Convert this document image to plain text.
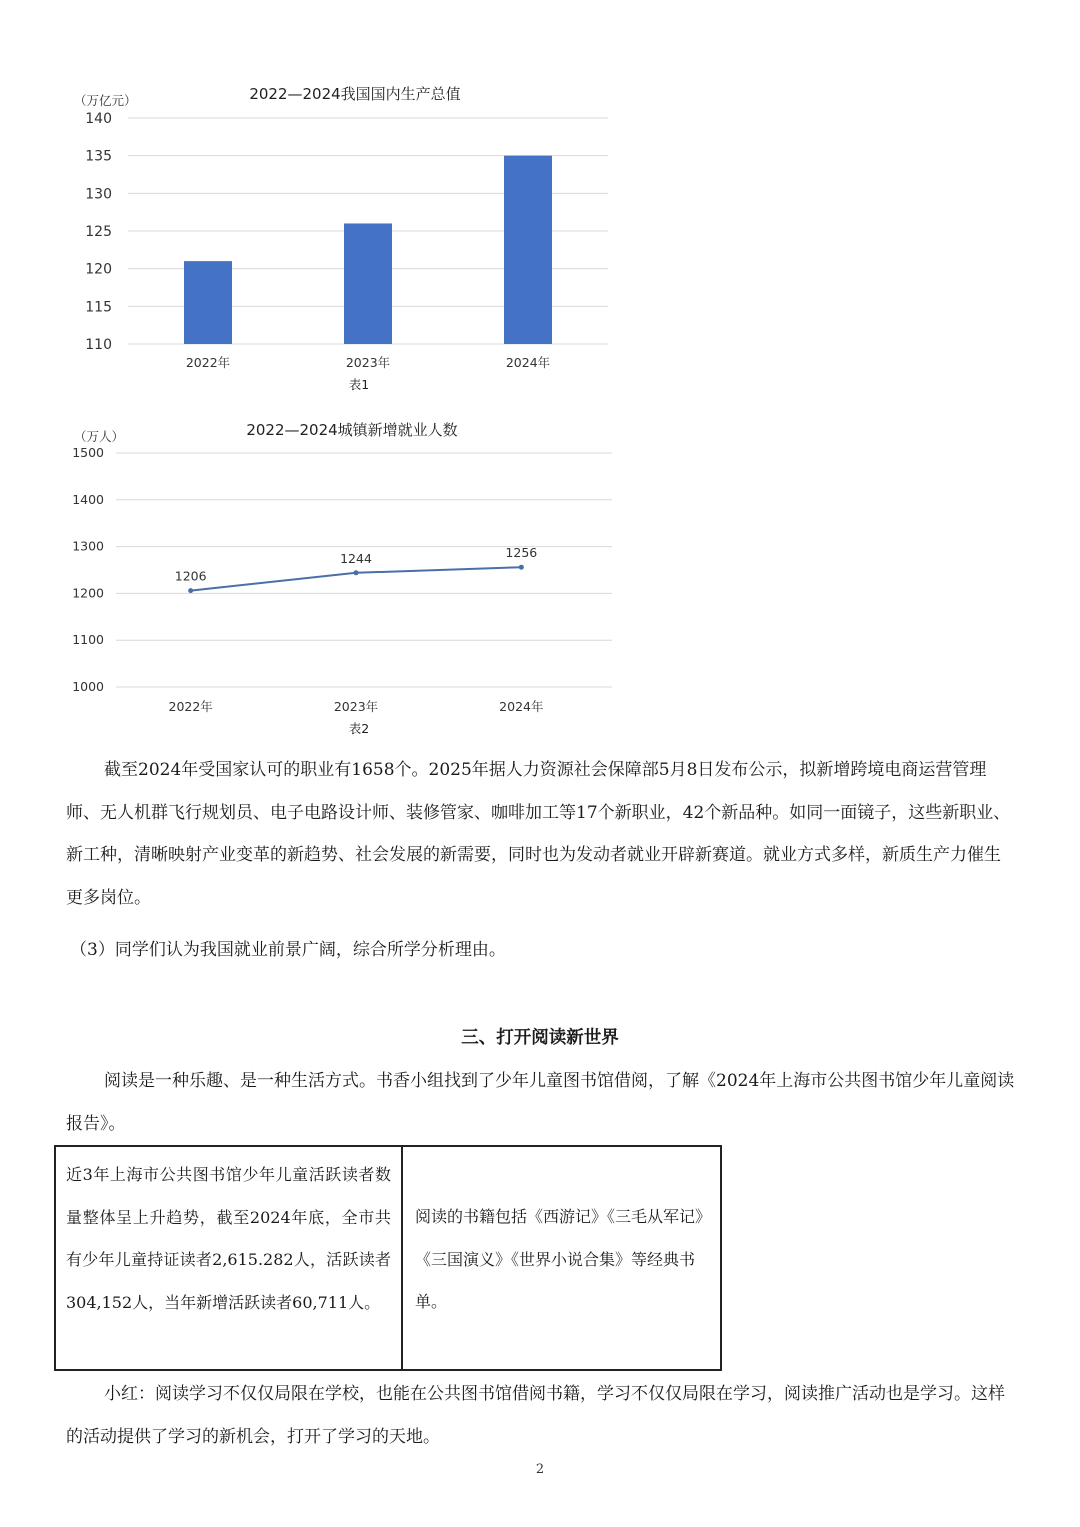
（万亿元）	2022—2024我国国内生产总值
表1
110
115
120
125
130
135
140
2022年	2023年	2024年
（万人）	2022—2024城镇新增就业人数
表2
1000
1100
1200
1300
1400
1500
1206
2022年
1244
2023年
1256
2024年

截至2024年受国家认可的职业有1658个。2025年据人力资源社会保障部5月8日发布公示，拟新增跨境电商运营管理师、无人机群飞行规划员、电子电路设计师、装修管家、咖啡加工等17个新职业，42个新品种。如同一面镜子，这些新职业、新工种，清晰映射产业变革的新趋势、社会发展的新需要，同时也为发动者就业开辟新赛道。就业方式多样，新质生产力催生更多岗位。

（3）同学们认为我国就业前景广阔，综合所学分析理由。

三、打开阅读新世界

阅读是一种乐趣、是一种生活方式。书香小组找到了少年儿童图书馆借阅，了解《2024年上海市公共图书馆少年儿童阅读报告》。

近3年上海市公共图书馆少年儿童活跃读者数量整体呈上升趋势，截至2024年底，全市共有少年儿童持证读者2,615.282人，活跃读者304,152人，当年新增活跃读者60,711人。
阅读的书籍包括《西游记》《三毛从军记》《三国演义》《世界小说合集》等经典书单。

小红：阅读学习不仅仅局限在学校，也能在公共图书馆借阅书籍，学习不仅仅局限在学习，阅读推广活动也是学习。这样的活动提供了学习的新机会，打开了学习的天地。

2
